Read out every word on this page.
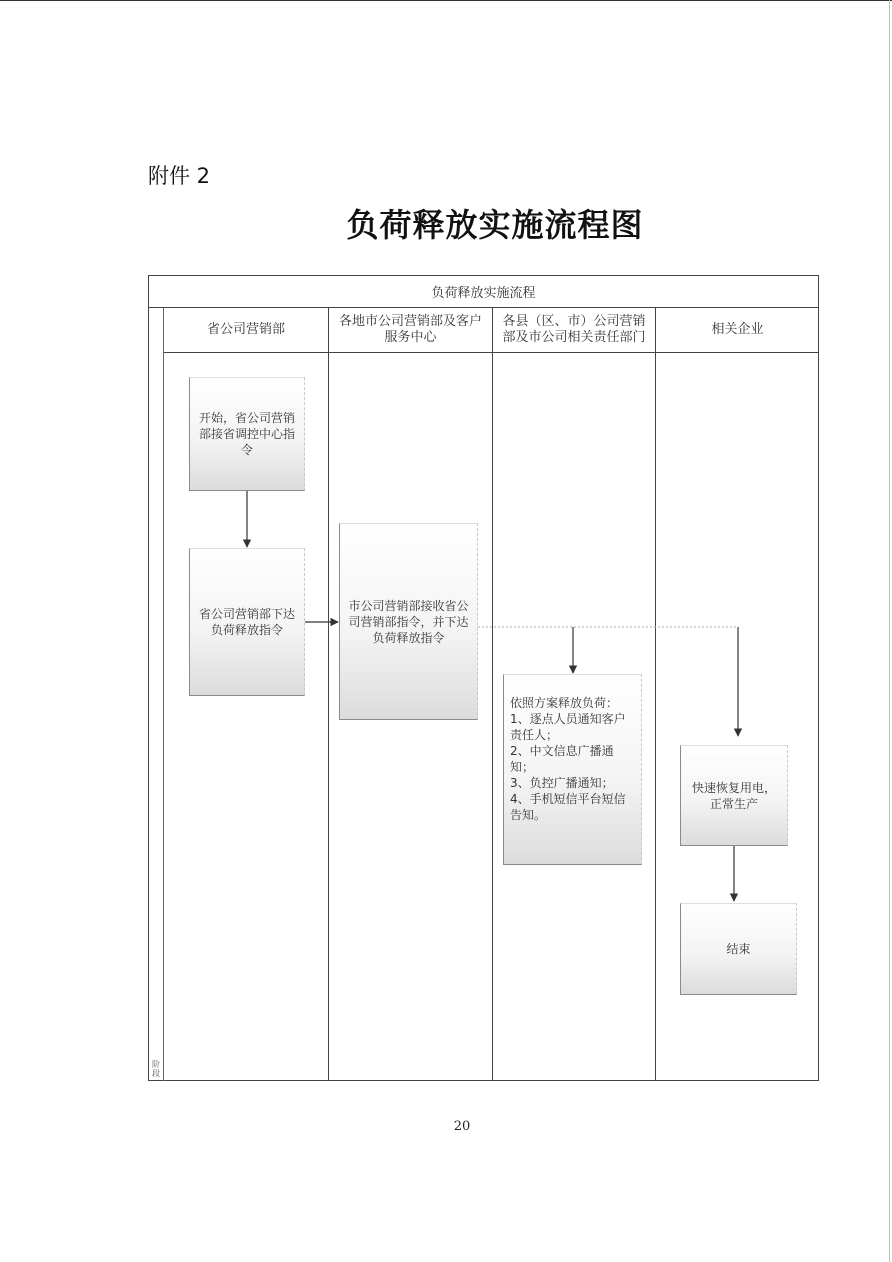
附件 2
负荷释放实施流程图
负荷释放实施流程
阶段
省公司营销部
各地市公司营销部及客户服务中心
各县（区、市）公司营销部及市公司相关责任部门
相关企业
开始，省公司营销部接省调控中心指令
省公司营销部下达负荷释放指令
市公司营销部接收省公司营销部指令，并下达负荷释放指令
依照方案释放负荷：
1、逐点人员通知客户责任人；
2、中文信息广播通知；
3、负控广播通知；
4、手机短信平台短信告知。
快速恢复用电，正常生产
结束
20
